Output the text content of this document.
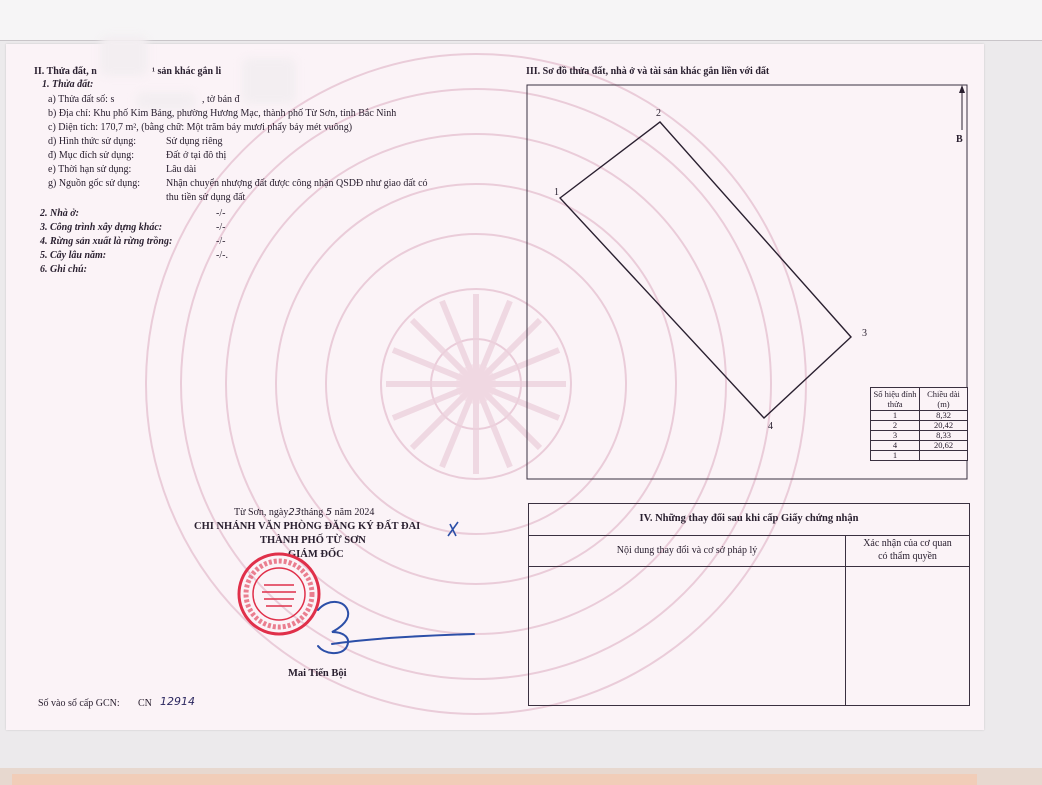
II. Thửa đất, n	¹ sản khác gắn li
1. Thửa đất:
a) Thửa đất số: s	, tờ bản đ
b) Địa chỉ: Khu phố Kim Bảng, phường Hương Mạc, thành phố Từ Sơn, tỉnh Bắc Ninh
c) Diện tích: 170,7 m², (bằng chữ: Một trăm bảy mươi phẩy bảy mét vuông)
d) Hình thức sử dụng:	Sử dụng riêng
đ) Mục đích sử dụng:	Đất ở tại đô thị
e) Thời hạn sử dụng:	Lâu dài
g) Nguồn gốc sử dụng:	Nhận chuyển nhượng đất được công nhận QSDĐ như giao đất có
thu tiền sử dụng đất
2. Nhà ở:	-/-
3. Công trình xây dựng khác:	-/-
4. Rừng sản xuất là rừng trồng:	-/-
5. Cây lâu năm:	-/-.
6. Ghi chú:
III. Sơ đồ thửa đất, nhà ở và tài sản khác gắn liền với đất
1
2
3
4
B
Số hiệu đỉnh thửa	Chiều dài (m)
1	8,32
2	20,42
3	8,33
4	20,62
1	
Từ Sơn, ngày23tháng 5 năm 2024
CHI NHÁNH VĂN PHÒNG ĐĂNG KÝ ĐẤT ĐAI
THÀNH PHỐ TỪ SƠN
GIÁM ĐỐC
Mai Tiến Bội
Số vào sổ cấp GCN: CN 12914
IV. Những thay đổi sau khi cấp Giấy chứng nhận
Nội dung thay đổi và cơ sở pháp lý
Xác nhận của cơ quan
có thẩm quyền
